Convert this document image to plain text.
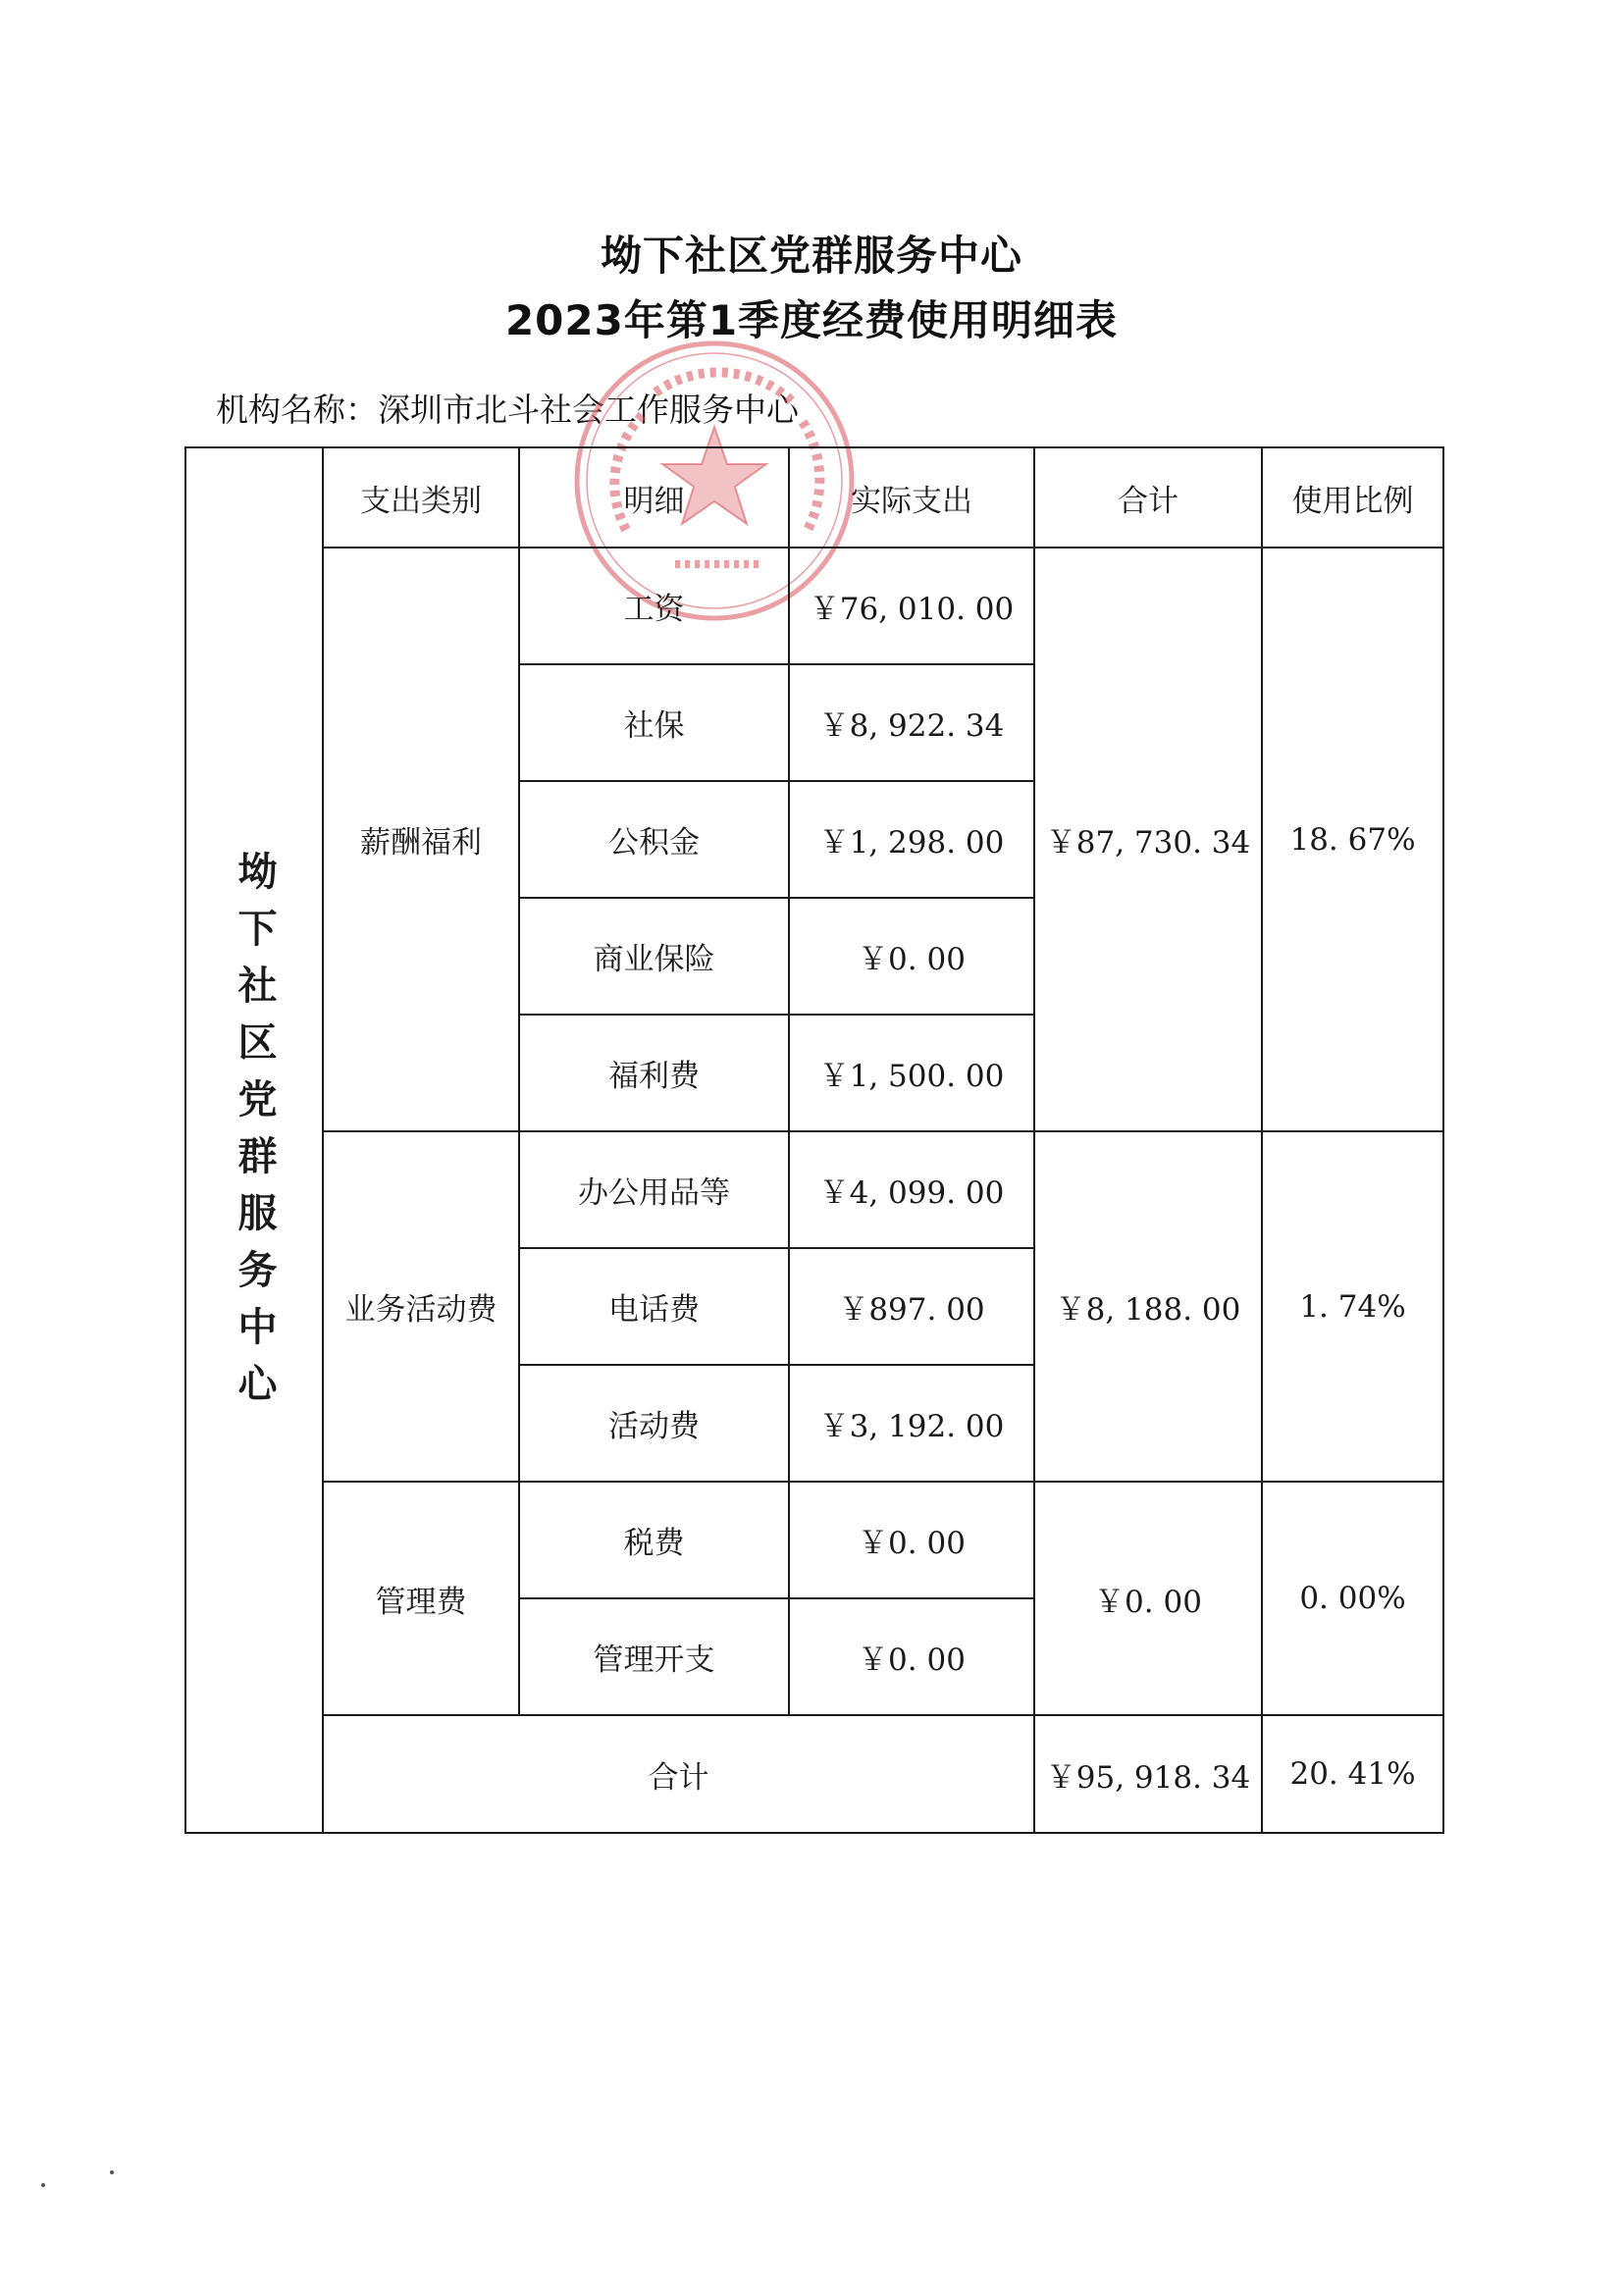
坳下社区党群服务中心
2023年第1季度经费使用明细表
机构名称：深圳市北斗社会工作服务中心
坳下社区党群服务中心	支出类别	明细	实际支出	合计	使用比例
	薪酬福利	工资	￥76, 010. 00	￥87, 730. 34	18. 67%
		社保	￥8, 922. 34		
		公积金	￥1, 298. 00		
		商业保险	￥0. 00		
		福利费	￥1, 500. 00		
	业务活动费	办公用品等	￥4, 099. 00	￥8, 188. 00	1. 74%
		电话费	￥897. 00		
		活动费	￥3, 192. 00		
	管理费	税费	￥0. 00	￥0. 00	0. 00%
		管理开支	￥0. 00		
	合计			￥95, 918. 34	20. 41%
